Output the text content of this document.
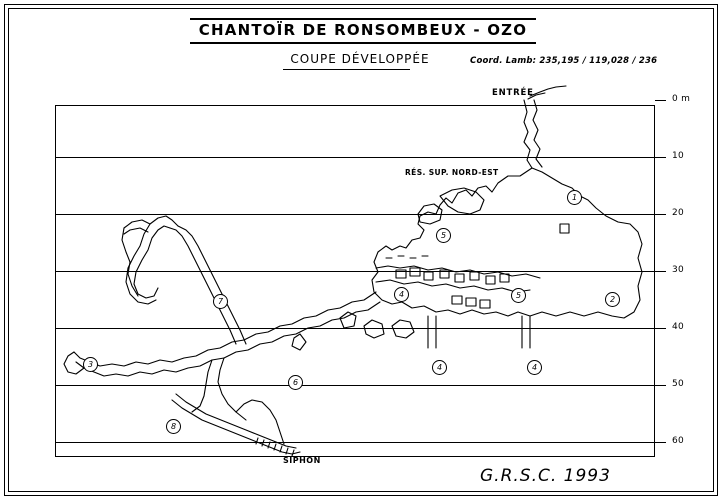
CHANTOÏR DE RONSOMBEUX - OZO
COUPE DÉVELOPPÉE	Coord. Lamb: 235,195 / 119,028 / 236
0 m
10
20
30
40
50
60
ENTRÉE
RÉS. SUP. NORD-EST
SIPHON
1
2
3	4	4
4
5
5
6
7
8
G.R.S.C. 1993
